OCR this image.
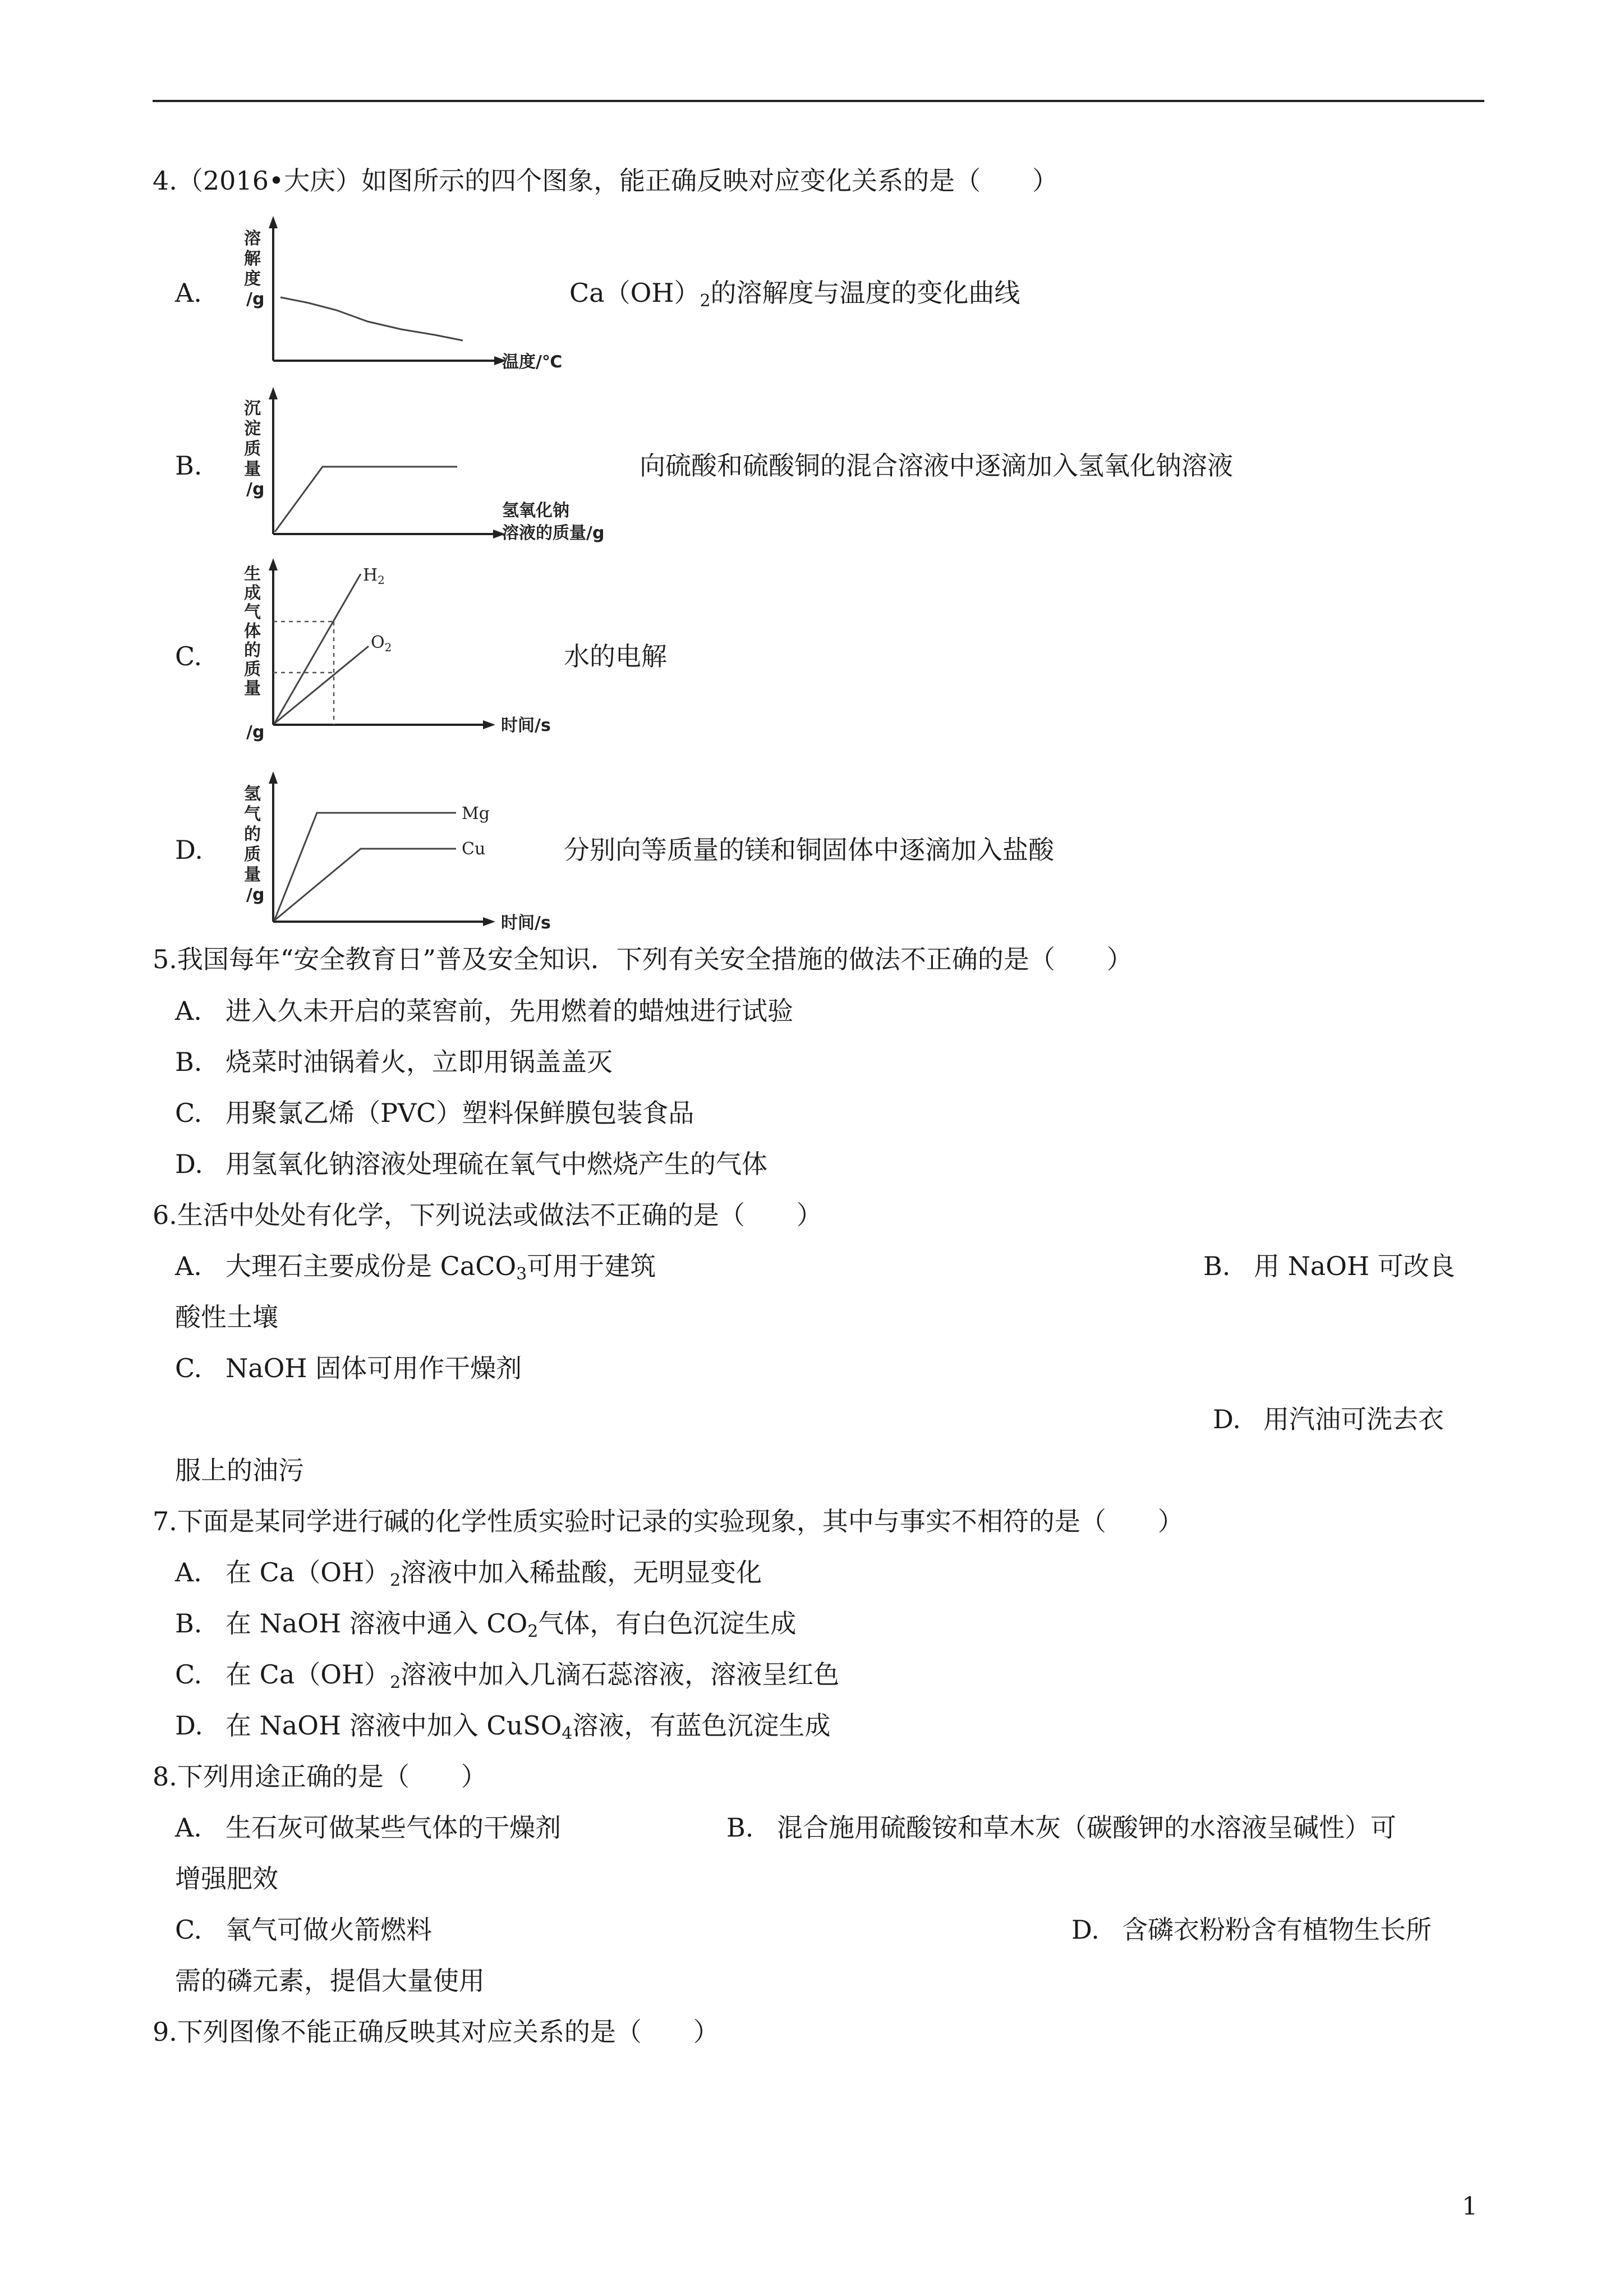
4.（2016•大庆）如图所示的四个图象，能正确反映对应变化关系的是（　　）
A.
溶
解
度
/g
温度/℃
$Ca(OH)_2$的溶解度与温度的变化曲线
B.
沉
淀
质
量
/g
氢氧化钠
溶液的质量/g
向硫酸和硫酸铜的混合溶液中逐滴加入氢氧化钠溶液
C.
$H_2$
$O_2$
生
成
气
体
的
质
量
/g	时间/s
水的电解
D.
Mg
Cu
氢
气
的
质
量
/g
时间/s
分别向等质量的镁和铜固体中逐滴加入盐酸
5.我国每年“安全教育日”普及安全知识．下列有关安全措施的做法不正确的是（　　）
A. 进入久未开启的菜窖前，先用燃着的蜡烛进行试验
B. 烧菜时油锅着火，立即用锅盖盖灭
C. 用聚氯乙烯（PVC）塑料保鲜膜包装食品
D. 用氢氧化钠溶液处理硫在氧气中燃烧产生的气体
6.生活中处处有化学，下列说法或做法不正确的是（　　）
A. 大理石主要成份是 CaCO$_3$可用于建筑	B. 用 NaOH 可改良
酸性土壤
C. NaOH 固体可用作干燥剂
D. 用汽油可洗去衣
服上的油污
7.下面是某同学进行碱的化学性质实验时记录的实验现象，其中与事实不相符的是（　　）
A. 在 $Ca(OH)_2$溶液中加入稀盐酸，无明显变化
B. 在 NaOH 溶液中通入 $CO_2$气体，有白色沉淀生成
C. 在 $Ca(OH)_2$溶液中加入几滴石蕊溶液，溶液呈红色
D. 在 NaOH 溶液中加入 CuSO$_4$溶液，有蓝色沉淀生成
8.下列用途正确的是（　　）
A. 生石灰可做某些气体的干燥剂	B. 混合施用硫酸铵和草木灰（碳酸钾的水溶液呈碱性）可
增强肥效
C. 氧气可做火箭燃料	D. 含磷衣粉粉含有植物生长所
需的磷元素，提倡大量使用
9.下列图像不能正确反映其对应关系的是（　　）
1
